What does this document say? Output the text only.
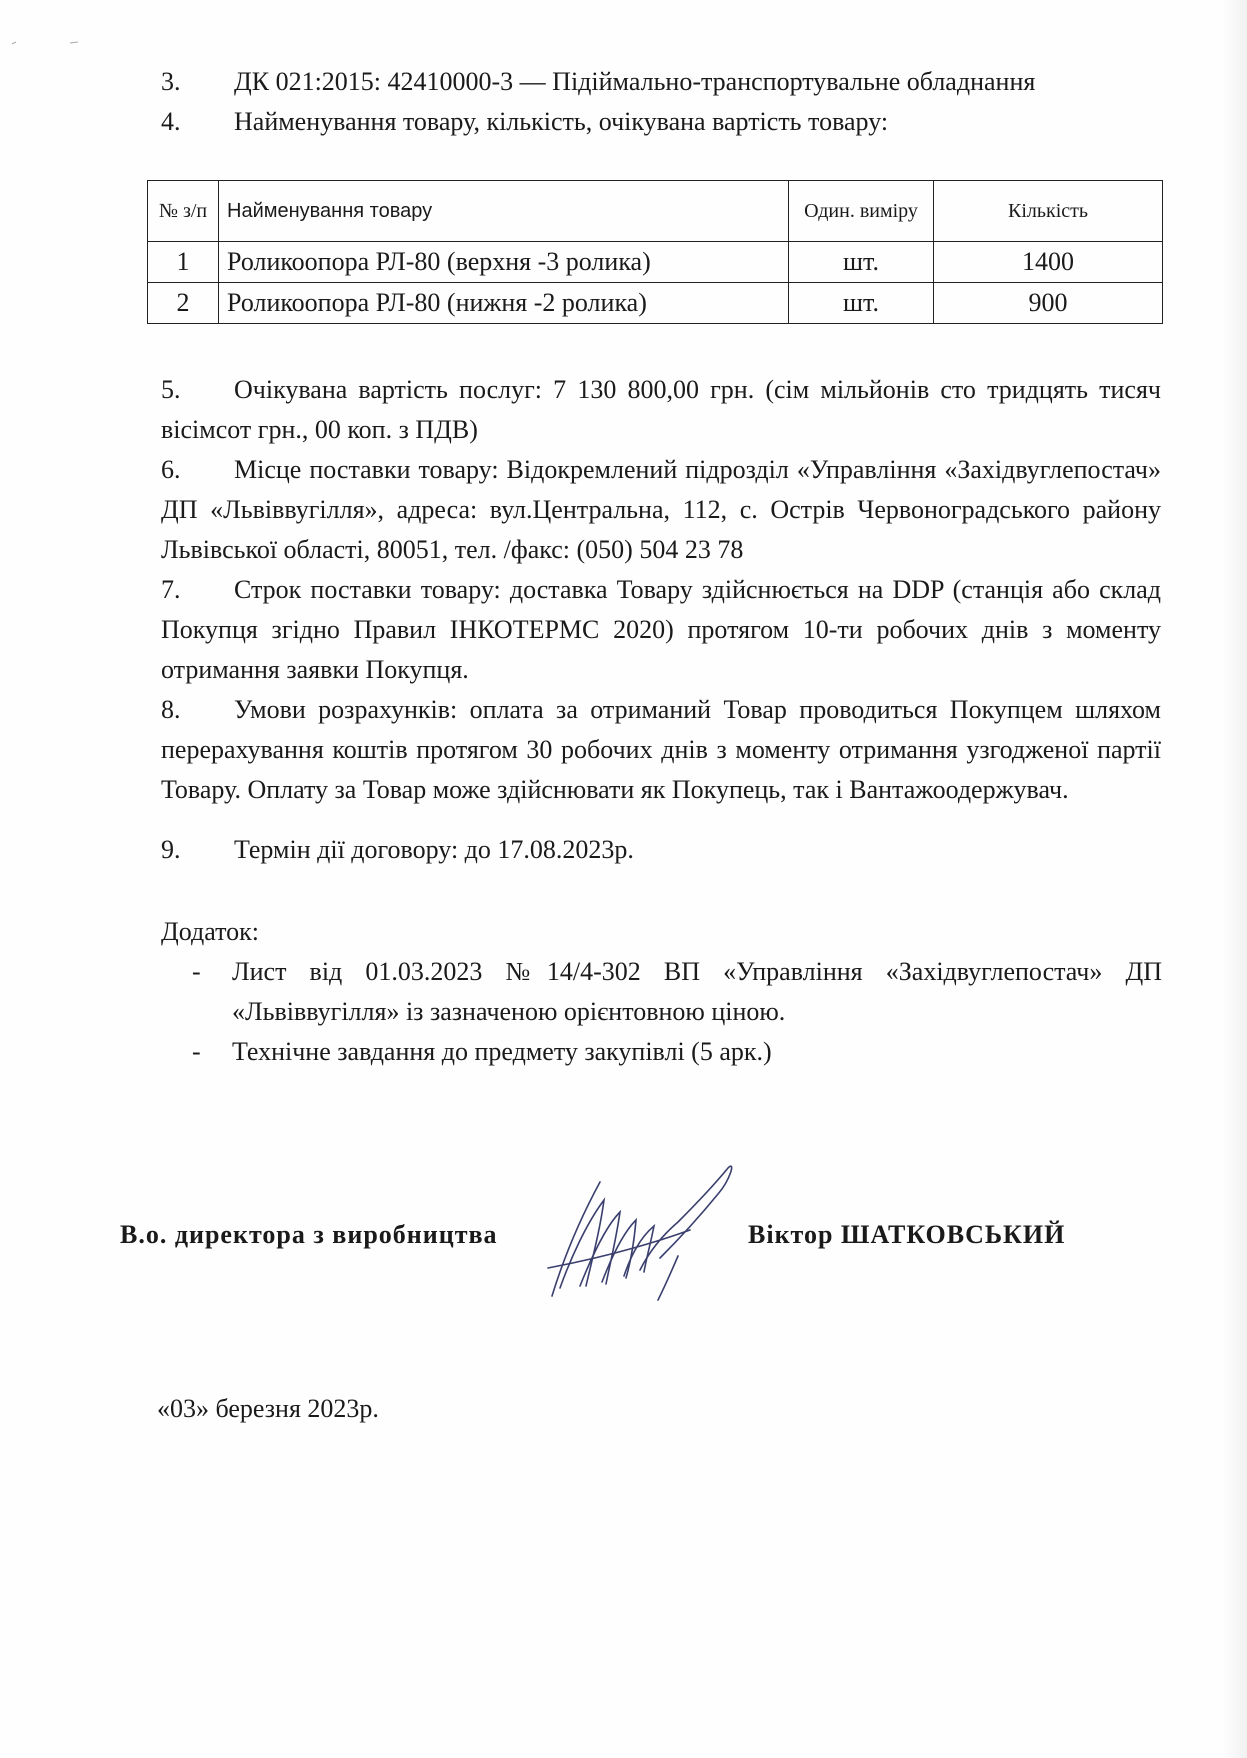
3. ДК 021:2015: 42410000-3 — Підіймально-транспортувальне обладнання

4. Найменування товару, кількість, очікувана вартість товару:

№ з/п	Найменування товару	Один. виміру	Кількість
1	Роликоопора РЛ-80 (верхня -3 ролика)	шт.	1400
2	Роликоопора РЛ-80 (нижня -2 ролика)	шт.	900

5. Очікувана вартість послуг: 7 130 800,00 грн. (сім мільйонів сто тридцять тисяч вісімсот грн., 00 коп. з ПДВ)

6. Місце поставки товару: Відокремлений підрозділ «Управління «Західвуглепостач» ДП «Львіввугілля», адреса: вул.Центральна, 112, с. Острів Червоноградського району Львівської області, 80051, тел. /факс: (050) 504 23 78

7. Строк поставки товару: доставка Товару здійснюється на DDP (станція або склад Покупця згідно Правил ІНКОТЕРМС 2020) протягом 10-ти робочих днів з моменту отримання заявки Покупця.

8. Умови розрахунків: оплата за отриманий Товар проводиться Покупцем шляхом перерахування коштів протягом 30 робочих днів з моменту отримання узгодженої партії Товару. Оплату за Товар може здійснювати як Покупець, так і Вантажоодержувач.

9. Термін дії договору: до 17.08.2023р.

Додаток:

- Лист від 01.03.2023 №14/4-302 ВП «Управління «Західвуглепостач» ДП «Львіввугілля» із зазначеною орієнтовною ціною.

- Технічне завдання до предмету закупівлі (5 арк.)

В.о. директора з виробництва	Віктор ШАТКОВСЬКИЙ
«03» березня 2023р.
